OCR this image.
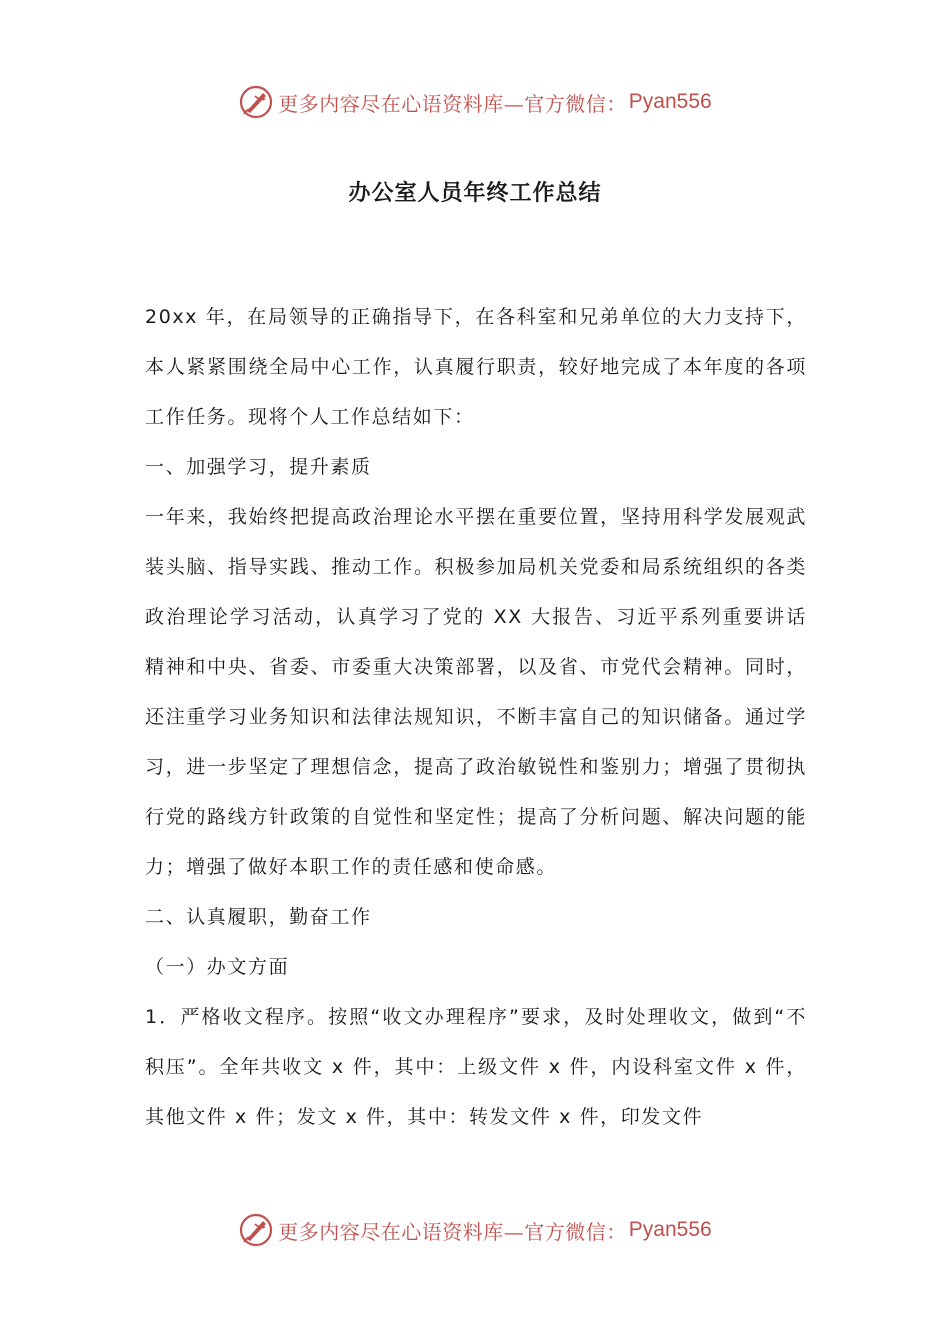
更多内容尽在心语资料库—官方微信： Pyan556
办公室人员年终工作总结

20xx 年，在局领导的正确指导下，在各科室和兄弟单位的大力支持下，本人紧紧围绕全局中心工作，认真履行职责，较好地完成了本年度的各项工作任务。现将个人工作总结如下：

一、加强学习，提升素质

一年来，我始终把提高政治理论水平摆在重要位置，坚持用科学发展观武装头脑、指导实践、推动工作。积极参加局机关党委和局系统组织的各类政治理论学习活动，认真学习了党的 XX 大报告、习近平系列重要讲话精神和中央、省委、市委重大决策部署，以及省、市党代会精神。同时，还注重学习业务知识和法律法规知识，不断丰富自己的知识储备。通过学习，进一步坚定了理想信念，提高了政治敏锐性和鉴别力；增强了贯彻执行党的路线方针政策的自觉性和坚定性；提高了分析问题、解决问题的能力；增强了做好本职工作的责任感和使命感。

二、认真履职，勤奋工作

（一）办文方面

1．严格收文程序。按照“收文办理程序”要求，及时处理收文，做到“不积压”。全年共收文 x 件，其中：上级文件 x 件，内设科室文件 x 件，其他文件 x 件；发文 x 件，其中：转发文件 x 件，印发文件

更多内容尽在心语资料库—官方微信： Pyan556
